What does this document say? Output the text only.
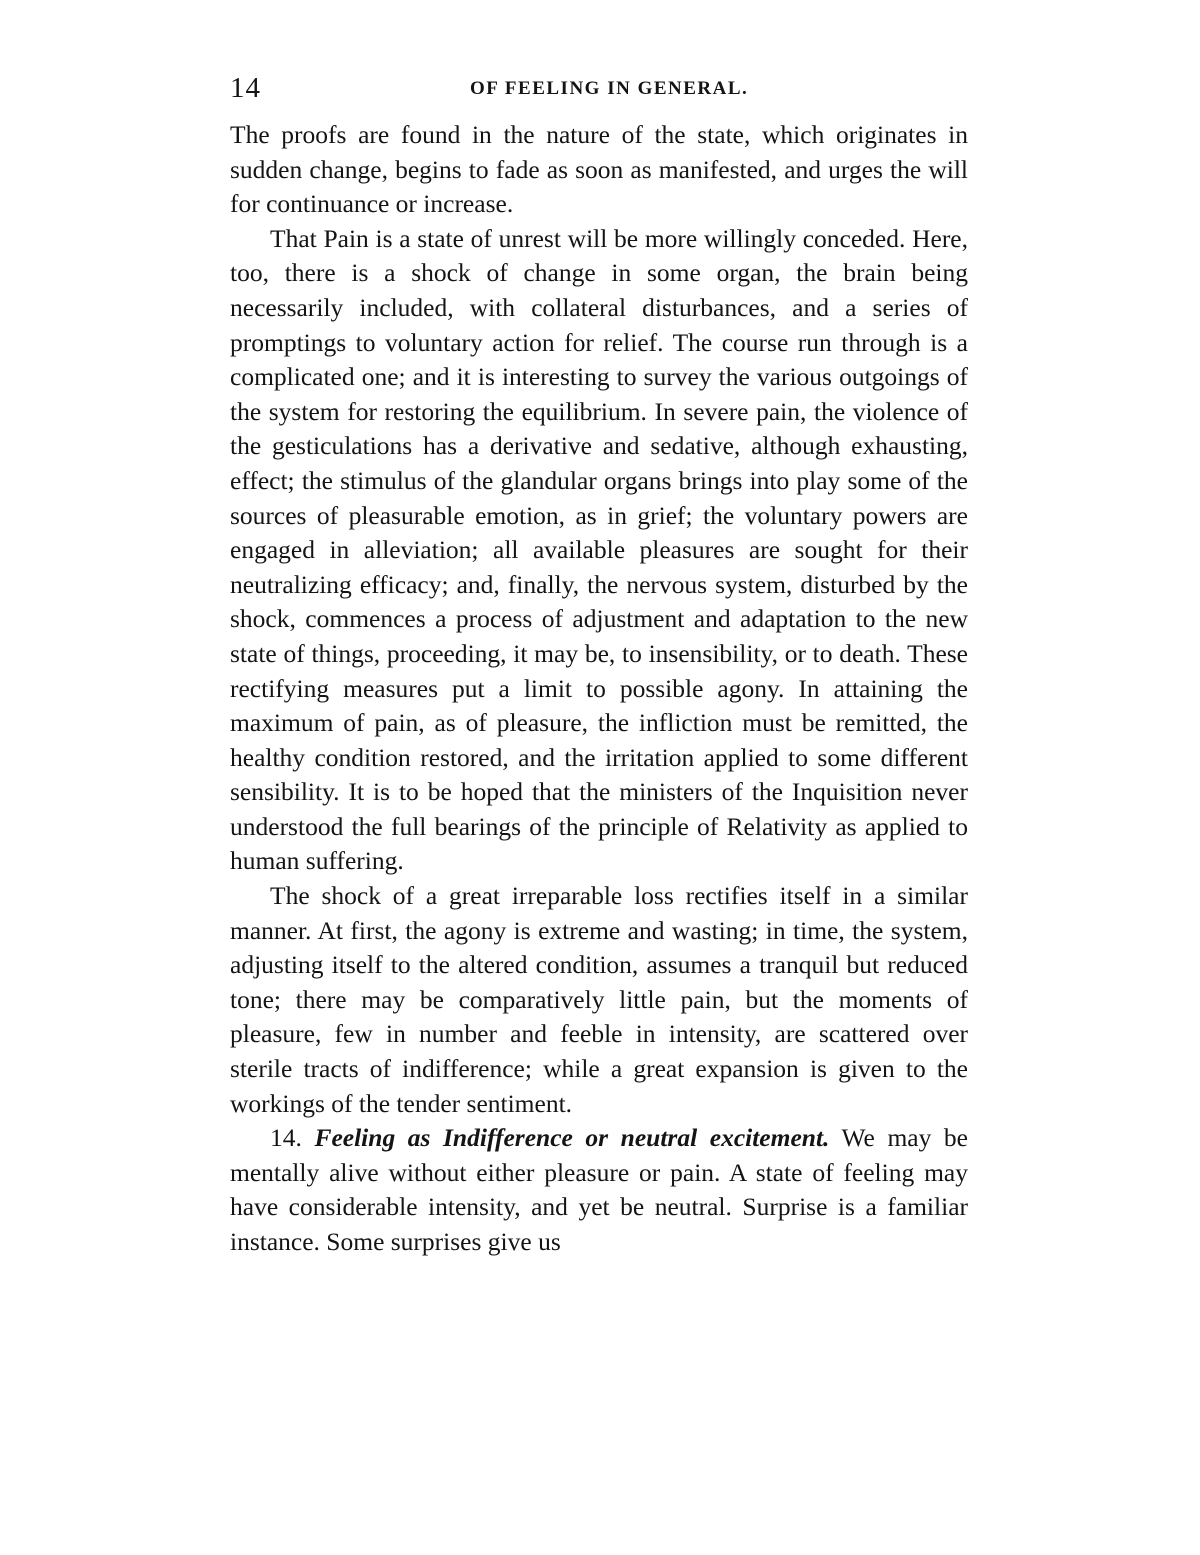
14	OF FEELING IN GENERAL.

The proofs are found in the nature of the state, which originates in sudden change, begins to fade as soon as manifested, and urges the will for continuance or increase.

That Pain is a state of unrest will be more willingly conceded. Here, too, there is a shock of change in some organ, the brain being necessarily included, with collateral disturbances, and a series of promptings to voluntary action for relief. The course run through is a complicated one; and it is interesting to survey the various outgoings of the system for restoring the equilibrium. In severe pain, the violence of the gesticulations has a derivative and sedative, although exhausting, effect; the stimulus of the glandular organs brings into play some of the sources of pleasurable emotion, as in grief; the voluntary powers are engaged in alleviation; all available pleasures are sought for their neutralizing efficacy; and, finally, the nervous system, disturbed by the shock, commences a process of adjustment and adaptation to the new state of things, proceeding, it may be, to insensibility, or to death. These rectifying measures put a limit to possible agony. In attaining the maximum of pain, as of pleasure, the infliction must be remitted, the healthy condition restored, and the irritation applied to some different sensibility. It is to be hoped that the ministers of the Inquisition never understood the full bearings of the principle of Relativity as applied to human suffering.

The shock of a great irreparable loss rectifies itself in a similar manner. At first, the agony is extreme and wasting; in time, the system, adjusting itself to the altered condition, assumes a tranquil but reduced tone; there may be comparatively little pain, but the moments of pleasure, few in number and feeble in intensity, are scattered over sterile tracts of indifference; while a great expansion is given to the workings of the tender sentiment.

14. Feeling as Indifference or neutral excitement. We may be mentally alive without either pleasure or pain. A state of feeling may have considerable intensity, and yet be neutral. Surprise is a familiar instance. Some surprises give us
